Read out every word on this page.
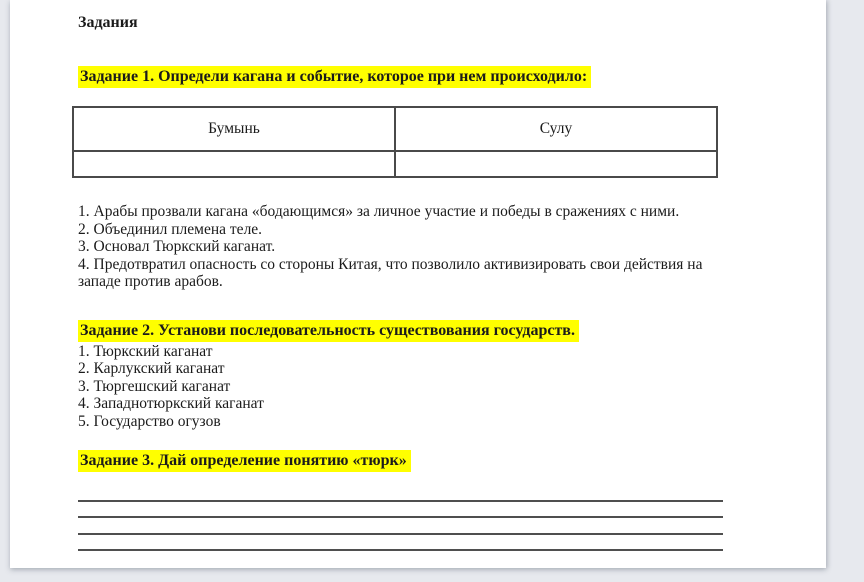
Задания
Задание 1. Определи кагана и событие, которое при нем происходило:
Бумынь	Сулу

1. Арабы прозвали кагана «бодающимся» за личное участие и победы в сражениях с ними.

2. Объединил племена теле.

3. Основал Тюркский каганат.

4. Предотвратил опасность со стороны Китая, что позволило активизировать свои действия на западе против арабов.

Задание 2. Установи последовательность существования государств.

1. Тюркский каганат

2. Карлукский каганат

3. Тюргешский каганат

4. Западнотюркский каганат

5. Государство огузов

Задание 3. Дай определение понятию «тюрк»
